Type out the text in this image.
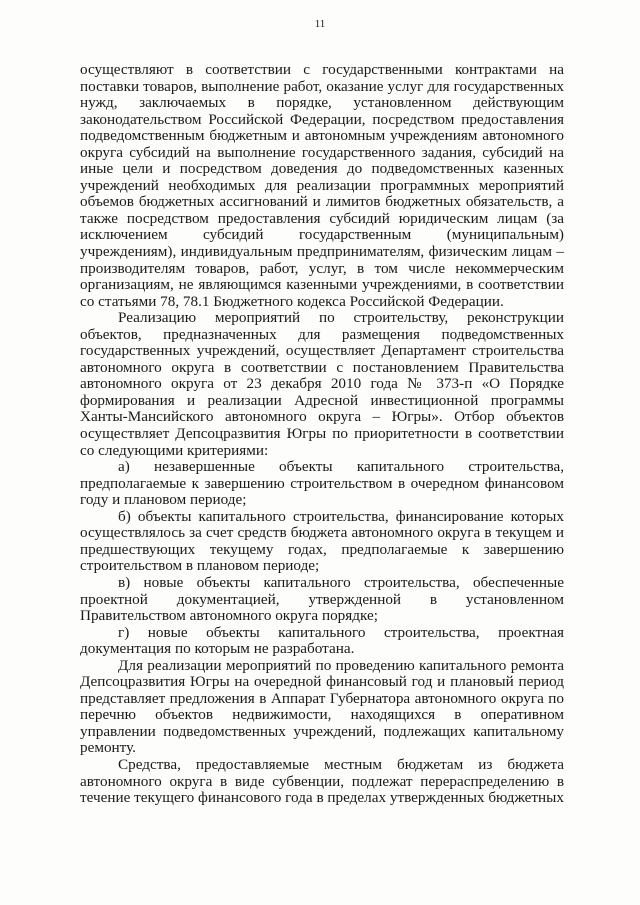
11

осуществляют в соответствии с государственными контрактами на поставки товаров, выполнение работ, оказание услуг для государственных нужд, заключаемых в порядке, установленном действующим законодательством Российской Федерации, посредством предоставления подведомственным бюджетным и автономным учреждениям автономного округа субсидий на выполнение государственного задания, субсидий на иные цели и посредством доведения до подведомственных казенных учреждений необходимых для реализации программных мероприятий объемов бюджетных ассигнований и лимитов бюджетных обязательств, а также посредством предоставления субсидий юридическим лицам (за исключением субсидий государственным (муниципальным) учреждениям), индивидуальным предпринимателям, физическим лицам – производителям товаров, работ, услуг, в том числе некоммерческим организациям, не являющимся казенными учреждениями, в соответствии со статьями 78, 78.1 Бюджетного кодекса Российской Федерации.

Реализацию мероприятий по строительству, реконструкции объектов, предназначенных для размещения подведомственных государственных учреждений, осуществляет Департамент строительства автономного округа в соответствии с постановлением Правительства автономного округа от 23 декабря 2010 года № 373-п «О Порядке формирования и реализации Адресной инвестиционной программы Ханты-Мансийского автономного округа – Югры». Отбор объектов осуществляет Депсоцразвития Югры по приоритетности в соответствии со следующими критериями:

а) незавершенные объекты капитального строительства, предполагаемые к завершению строительством в очередном финансовом году и плановом периоде;

б) объекты капитального строительства, финансирование которых осуществлялось за счет средств бюджета автономного округа в текущем и предшествующих текущему годах, предполагаемые к завершению строительством в плановом периоде;

в) новые объекты капитального строительства, обеспеченные проектной документацией, утвержденной в установленном Правительством автономного округа порядке;

г) новые объекты капитального строительства, проектная документация по которым не разработана.

Для реализации мероприятий по проведению капитального ремонта Депсоцразвития Югры на очередной финансовый год и плановый период представляет предложения в Аппарат Губернатора автономного округа по перечню объектов недвижимости, находящихся в оперативном управлении подведомственных учреждений, подлежащих капитальному ремонту.

Средства, предоставляемые местным бюджетам из бюджета автономного округа в виде субвенции, подлежат перераспределению в течение текущего финансового года в пределах утвержденных бюджетных
